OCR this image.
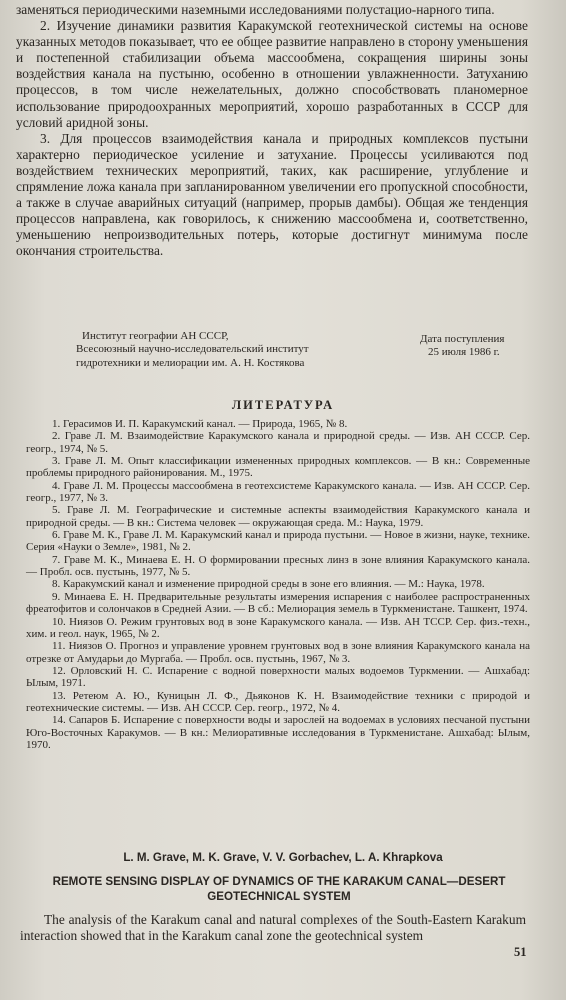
заменяться периодическими наземными исследованиями полустацио-нарного типа.

2. Изучение динамики развития Каракумской геотехнической системы на основе указанных методов показывает, что ее общее развитие направлено в сторону уменьшения и постепенной стабилизации объема массообмена, сокращения ширины зоны воздействия канала на пустыню, особенно в отношении увлажненности. Затуханию процессов, в том числе нежелательных, должно способствовать планомерное использование природоохранных мероприятий, хорошо разработанных в СССР для условий аридной зоны.

3. Для процессов взаимодействия канала и природных комплексов пустыни характерно периодическое усиление и затухание. Процессы усиливаются под воздействием технических мероприятий, таких, как расширение, углубление и спрямление ложа канала при запланированном увеличении его пропускной способности, а также в случае аварийных ситуаций (например, прорыв дамбы). Общая же тенденция процессов направлена, как говорилось, к снижению массообмена и, соответственно, уменьшению непроизводительных потерь, которые достигнут минимума после окончания строительства.

Институт географии АН СССР,
Всесоюзный научно-исследовательский институт
гидротехники и мелиорации им. А. Н. Костякова
Дата поступления
25 июля 1986 г.
ЛИТЕРАТУРА

1. Герасимов И. П. Каракумский канал. — Природа, 1965, № 8.

2. Граве Л. М. Взаимодействие Каракумского канала и природной среды. — Изв. АН СССР. Сер. геогр., 1974, № 5.

3. Граве Л. М. Опыт классификации измененных природных комплексов. — В кн.: Современные проблемы природного районирования. М., 1975.

4. Граве Л. М. Процессы массообмена в геотехсистеме Каракумского канала. — Изв. АН СССР. Сер. геогр., 1977, № 3.

5. Граве Л. М. Географические и системные аспекты взаимодействия Каракумского канала и природной среды. — В кн.: Система человек — окружающая среда. М.: Наука, 1979.

6. Граве М. К., Граве Л. М. Каракумский канал и природа пустыни. — Новое в жизни, науке, технике. Серия «Науки о Земле», 1981, № 2.

7. Граве М. К., Минаева Е. Н. О формировании пресных линз в зоне влияния Каракумского канала. — Пробл. осв. пустынь, 1977, № 5.

8. Каракумский канал и изменение природной среды в зоне его влияния. — М.: Наука, 1978.

9. Минаева Е. Н. Предварительные результаты измерения испарения с наиболее распространенных фреатофитов и солончаков в Средней Азии. — В сб.: Мелиорация земель в Туркменистане. Ташкент, 1974.

10. Ниязов О. Режим грунтовых вод в зоне Каракумского канала. — Изв. АН ТССР. Сер. физ.-техн., хим. и геол. наук, 1965, № 2.

11. Ниязов О. Прогноз и управление уровнем грунтовых вод в зоне влияния Каракумского канала на отрезке от Амударьи до Мургаба. — Пробл. осв. пустынь, 1967, № 3.

12. Орловский Н. С. Испарение с водной поверхности малых водоемов Туркмении. — Ашхабад: Ылым, 1971.

13. Ретеюм А. Ю., Куницын Л. Ф., Дьяконов К. Н. Взаимодействие техники с природой и геотехнические системы. — Изв. АН СССР. Сер. геогр., 1972, № 4.

14. Сапаров Б. Испарение с поверхности воды и зарослей на водоемах в условиях песчаной пустыни Юго-Восточных Каракумов. — В кн.: Мелиоративные исследования в Туркменистане. Ашхабад: Ылым, 1970.

L. M. Grave, M. K. Grave, V. V. Gorbachev, L. A. Khrapkova
REMOTE SENSING DISPLAY OF DYNAMICS OF THE KARAKUM CANAL—DESERT GEOTECHNICAL SYSTEM

The analysis of the Karakum canal and natural complexes of the South-Eastern Karakum interaction showed that in the Karakum canal zone the geotechnical system

51
